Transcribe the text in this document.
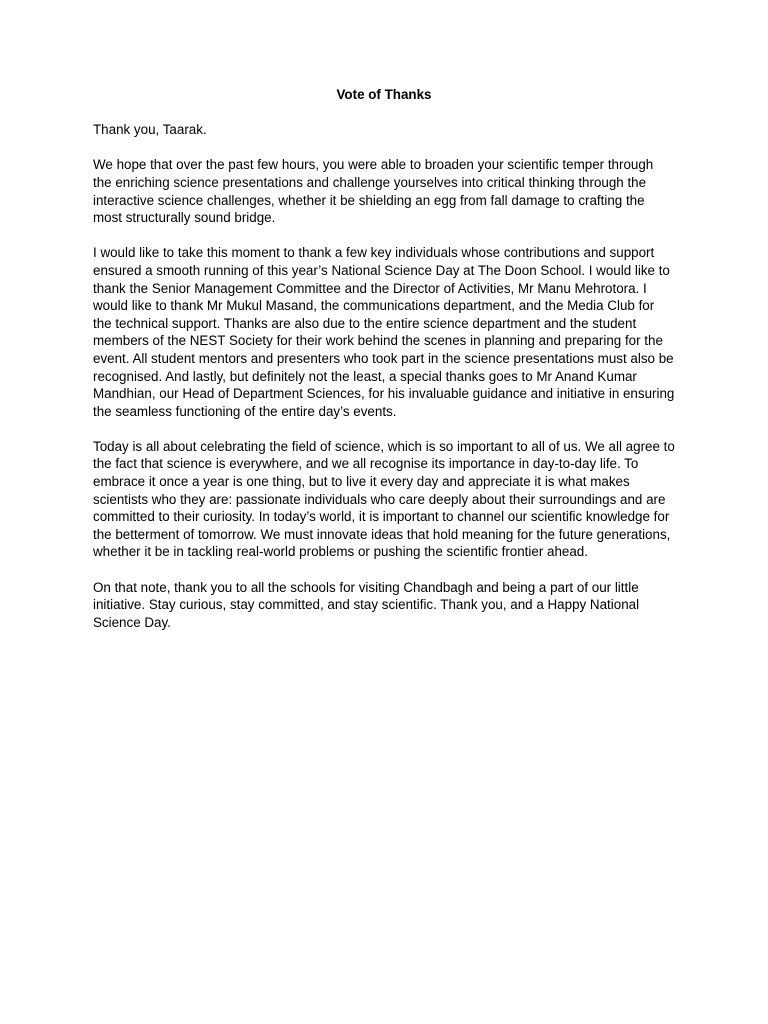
Vote of Thanks

Thank you, Taarak.

We hope that over the past few hours, you were able to broaden your scientific temper through the enriching science presentations and challenge yourselves into critical thinking through the interactive science challenges, whether it be shielding an egg from fall damage to crafting the most structurally sound bridge.

I would like to take this moment to thank a few key individuals whose contributions and support ensured a smooth running of this year’s National Science Day at The Doon School. I would like to thank the Senior Management Committee and the Director of Activities, Mr Manu Mehrotora. I would like to thank Mr Mukul Masand, the communications department, and the Media Club for the technical support. Thanks are also due to the entire science department and the student members of the NEST Society for their work behind the scenes in planning and preparing for the event. All student mentors and presenters who took part in the science presentations must also be recognised. And lastly, but definitely not the least, a special thanks goes to Mr Anand Kumar Mandhian, our Head of Department Sciences, for his invaluable guidance and initiative in ensuring the seamless functioning of the entire day’s events.

Today is all about celebrating the field of science, which is so important to all of us. We all agree to the fact that science is everywhere, and we all recognise its importance in day-to-day life. To embrace it once a year is one thing, but to live it every day and appreciate it is what makes scientists who they are: passionate individuals who care deeply about their surroundings and are committed to their curiosity. In today’s world, it is important to channel our scientific knowledge for the betterment of tomorrow. We must innovate ideas that hold meaning for the future generations, whether it be in tackling real-world problems or pushing the scientific frontier ahead.

On that note, thank you to all the schools for visiting Chandbagh and being a part of our little initiative. Stay curious, stay committed, and stay scientific. Thank you, and a Happy National Science Day.
